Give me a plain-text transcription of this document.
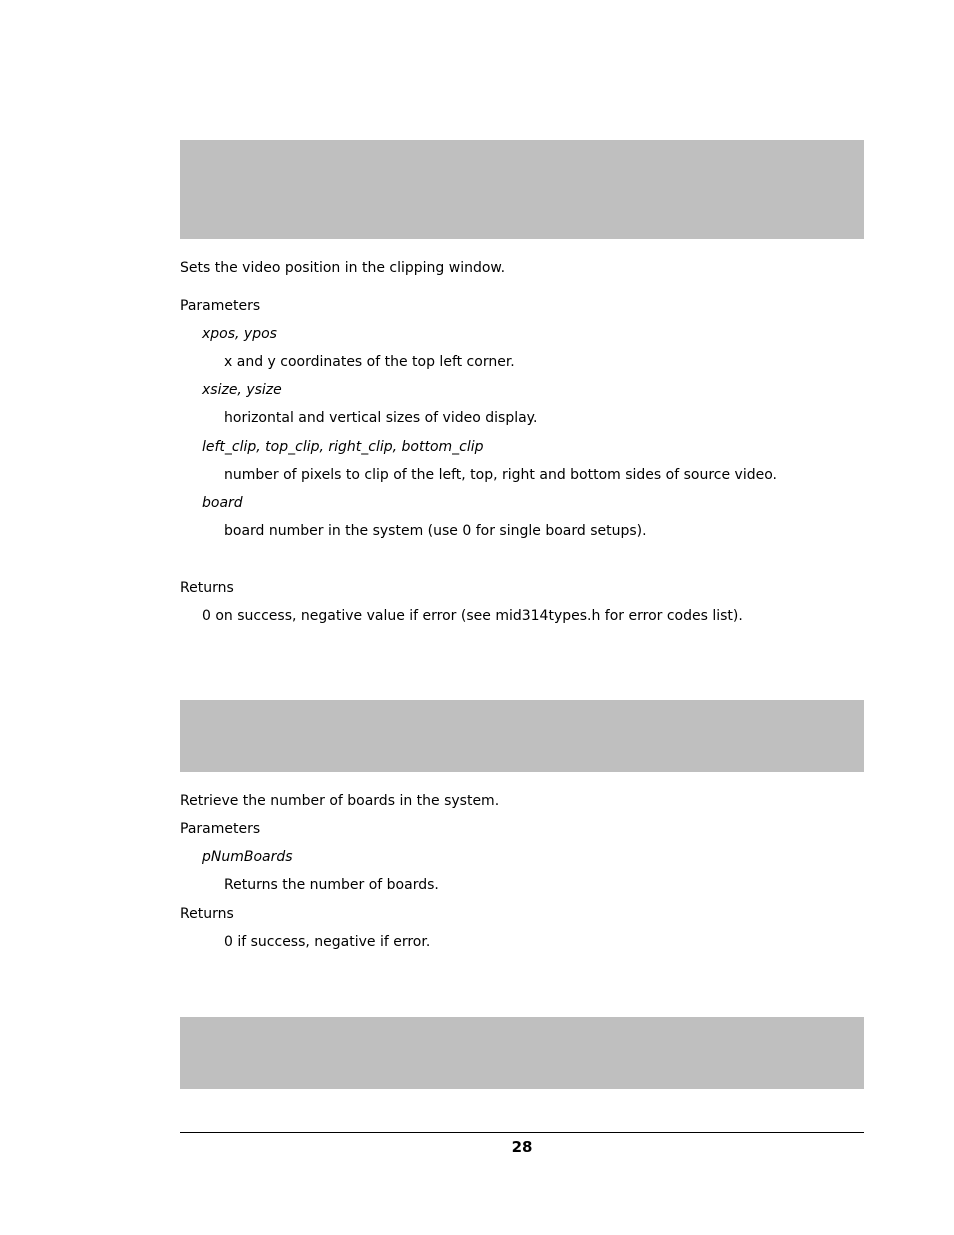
Sets the video position in the clipping window.
Parameters
xpos, ypos
x and y coordinates of the top left corner.
xsize, ysize
horizontal and vertical sizes of video display.
left_clip, top_clip, right_clip, bottom_clip
number of pixels to clip of the left, top, right and bottom sides of source video.
board
board number in the system (use 0 for single board setups).
Returns
0 on success, negative value if error (see mid314types.h for error codes list).
Retrieve the number of boards in the system.
Parameters
pNumBoards
Returns the number of boards.
Returns
0 if success, negative if error.
28
